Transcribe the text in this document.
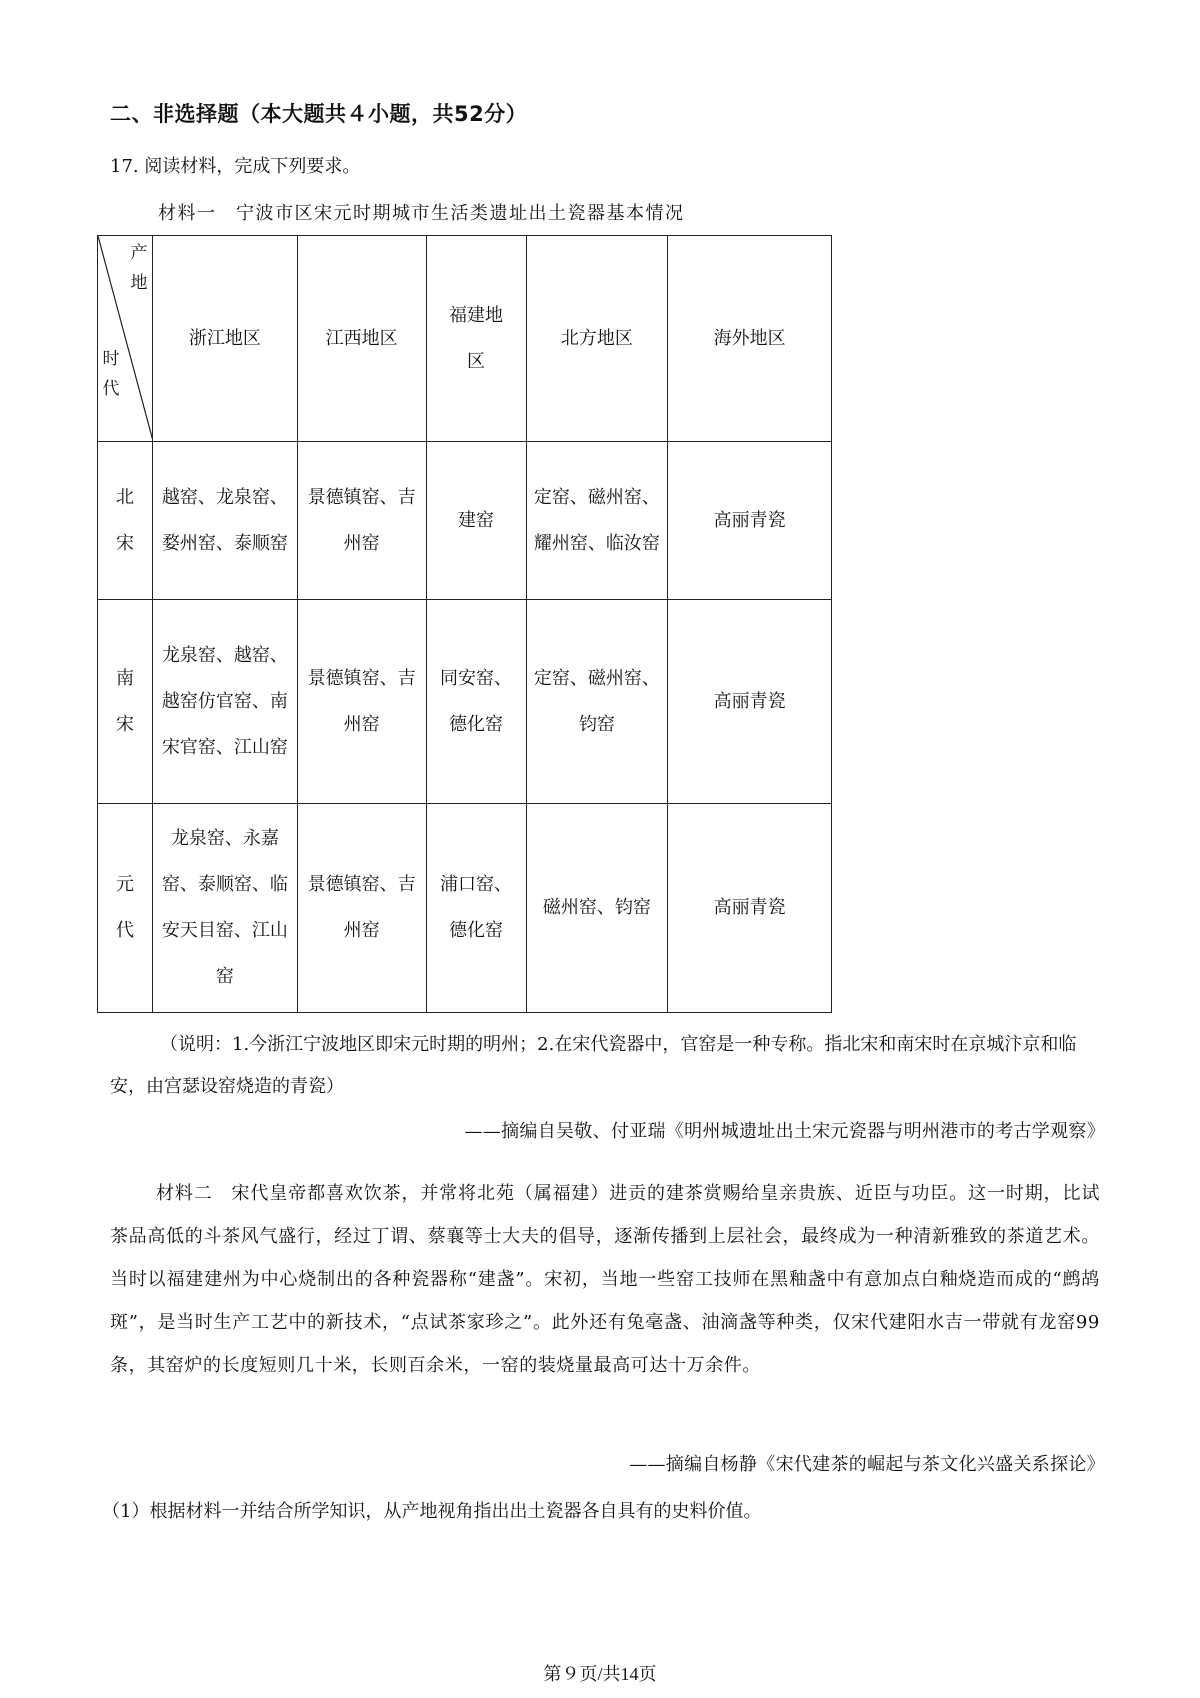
二、非选择题（本大题共４小题，共52分）
17. 阅读材料，完成下列要求。
材料一　宁波市区宋元时期城市生活类遗址出土瓷器基本情况
产地
时代	浙江地区	江西地区	福建地区	北方地区	海外地区

北宋	越窑、龙泉窑、婺州窑、泰顺窑	景德镇窑、吉州窑	建窑	定窑、磁州窑、耀州窑、临汝窑	高丽青瓷

南宋	龙泉窑、越窑、越窑仿官窑、南宋官窑、江山窑	景德镇窑、吉州窑	同安窑、德化窑	定窑、磁州窑、钧窑	高丽青瓷

元代	龙泉窑、永嘉窑、泰顺窑、临安天目窑、江山窑	景德镇窑、吉州窑	浦口窑、德化窑	磁州窑、钧窑	高丽青瓷
（说明：1.今浙江宁波地区即宋元时期的明州；2.在宋代瓷器中，官窑是一种专称。指北宋和南宋时在京城汴京和临安，由宫瑟设窑烧造的青瓷）
——摘编自吴敬、付亚瑞《明州城遗址出土宋元瓷器与明州港市的考古学观察》
材料二　宋代皇帝都喜欢饮茶，并常将北苑（属福建）进贡的建茶赏赐给皇亲贵族、近臣与功臣。这一时期，比试茶品高低的斗茶风气盛行，经过丁谓、蔡襄等士大夫的倡导，逐渐传播到上层社会，最终成为一种清新雅致的茶道艺术。当时以福建建州为中心烧制出的各种瓷器称“建盏”。宋初，当地一些窑工技师在黑釉盏中有意加点白釉烧造而成的“鹧鸪斑”，是当时生产工艺中的新技术，“点试茶家珍之”。此外还有兔毫盏、油滴盏等种类，仅宋代建阳水吉一带就有龙窑99条，其窑炉的长度短则几十米，长则百余米，一窑的装烧量最高可达十万余件。
——摘编自杨静《宋代建茶的崛起与茶文化兴盛关系探论》
（1）根据材料一并结合所学知识，从产地视角指出出土瓷器各自具有的史料价值。
第９页/共14页
